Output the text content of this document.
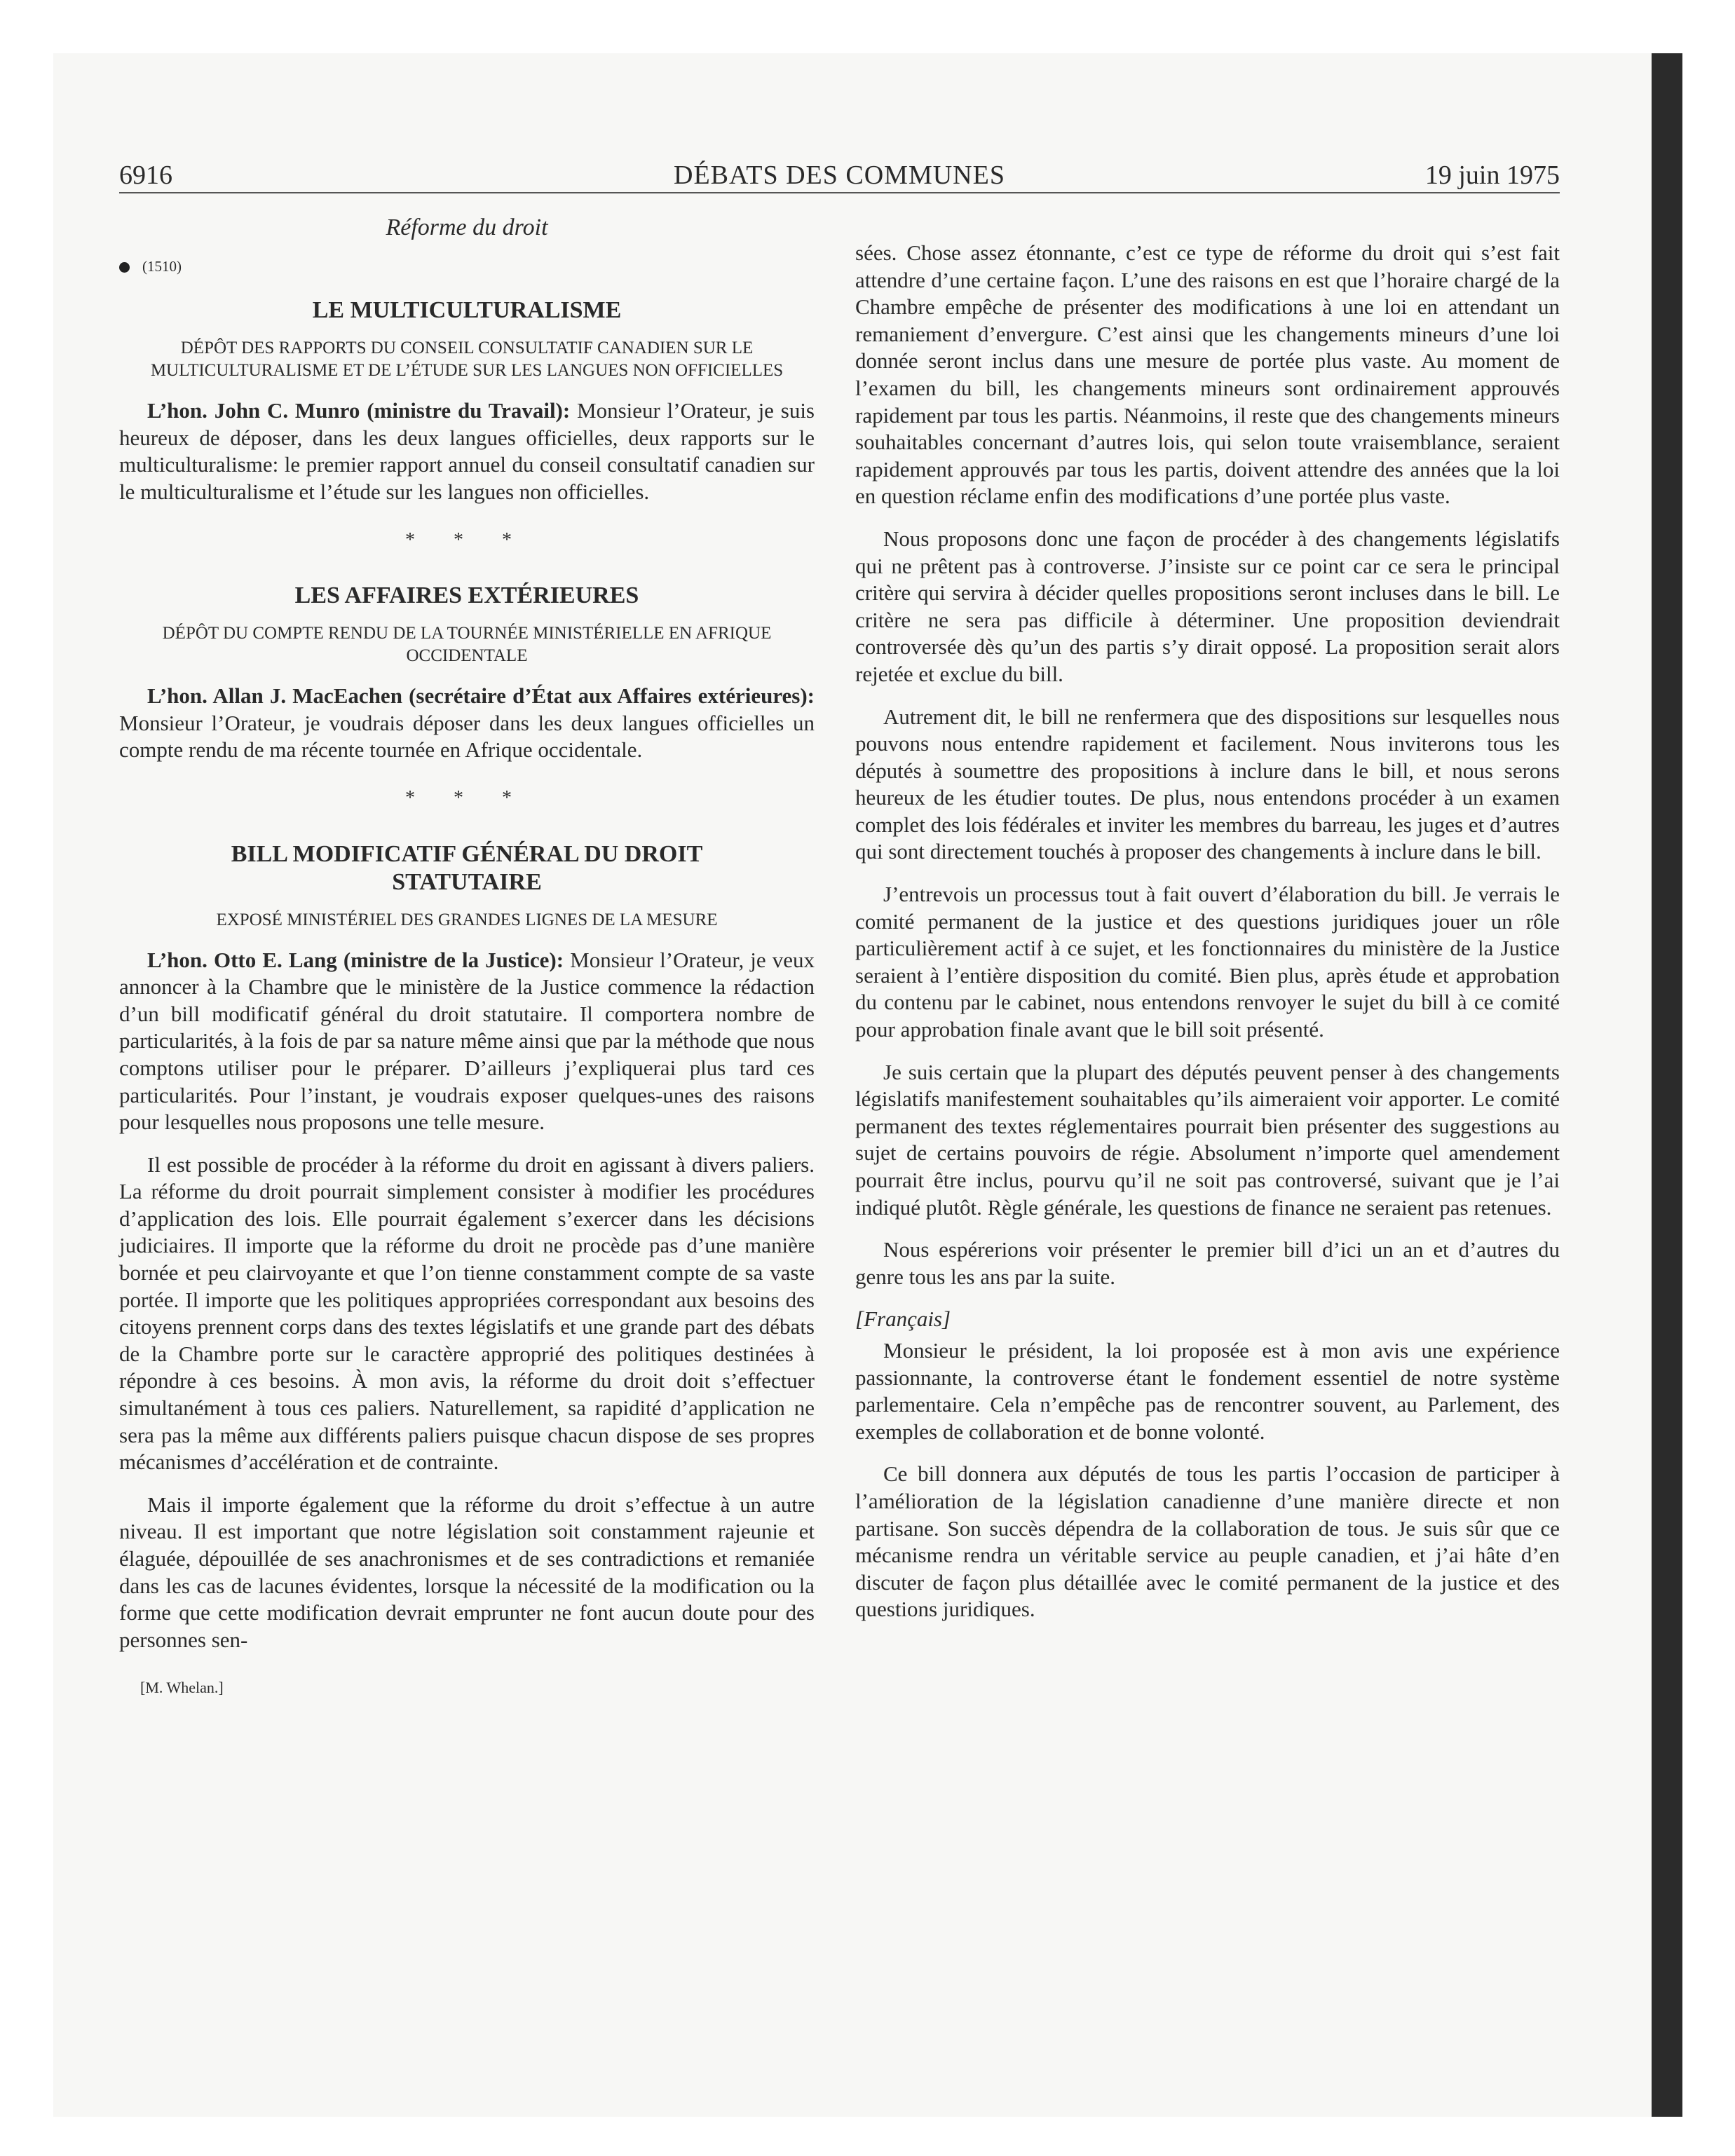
6916	DÉBATS DES COMMUNES	19 juin 1975
Réforme du droit
(1510)
LE MULTICULTURALISME
DÉPÔT DES RAPPORTS DU CONSEIL CONSULTATIF CANADIEN SUR LE MULTICULTURALISME ET DE L’ÉTUDE SUR LES LANGUES NON OFFICIELLES

L’hon. John C. Munro (ministre du Travail): Monsieur l’Orateur, je suis heureux de déposer, dans les deux langues officielles, deux rapports sur le multiculturalisme: le premier rapport annuel du conseil consultatif canadien sur le multiculturalisme et l’étude sur les langues non officielles.

* * *
LES AFFAIRES EXTÉRIEURES
DÉPÔT DU COMPTE RENDU DE LA TOURNÉE MINISTÉRIELLE EN AFRIQUE OCCIDENTALE

L’hon. Allan J. MacEachen (secrétaire d’État aux Affaires extérieures): Monsieur l’Orateur, je voudrais déposer dans les deux langues officielles un compte rendu de ma récente tournée en Afrique occidentale.

* * *
BILL MODIFICATIF GÉNÉRAL DU DROIT STATUTAIRE
EXPOSÉ MINISTÉRIEL DES GRANDES LIGNES DE LA MESURE

L’hon. Otto E. Lang (ministre de la Justice): Monsieur l’Orateur, je veux annoncer à la Chambre que le ministère de la Justice commence la rédaction d’un bill modificatif général du droit statutaire. Il comportera nombre de particularités, à la fois de par sa nature même ainsi que par la méthode que nous comptons utiliser pour le préparer. D’ailleurs j’expliquerai plus tard ces particularités. Pour l’instant, je voudrais exposer quelques-unes des raisons pour lesquelles nous proposons une telle mesure.

Il est possible de procéder à la réforme du droit en agissant à divers paliers. La réforme du droit pourrait simplement consister à modifier les procédures d’application des lois. Elle pourrait également s’exercer dans les décisions judiciaires. Il importe que la réforme du droit ne procède pas d’une manière bornée et peu clairvoyante et que l’on tienne constamment compte de sa vaste portée. Il importe que les politiques appropriées correspondant aux besoins des citoyens prennent corps dans des textes législatifs et une grande part des débats de la Chambre porte sur le caractère approprié des politiques destinées à répondre à ces besoins. À mon avis, la réforme du droit doit s’effectuer simultanément à tous ces paliers. Naturellement, sa rapidité d’application ne sera pas la même aux différents paliers puisque chacun dispose de ses propres mécanismes d’accélération et de contrainte.

Mais il importe également que la réforme du droit s’effectue à un autre niveau. Il est important que notre législation soit constamment rajeunie et élaguée, dépouillée de ses anachronismes et de ses contradictions et remaniée dans les cas de lacunes évidentes, lorsque la nécessité de la modification ou la forme que cette modification devrait emprunter ne font aucun doute pour des personnes sen-

[M. Whelan.]

sées. Chose assez étonnante, c’est ce type de réforme du droit qui s’est fait attendre d’une certaine façon. L’une des raisons en est que l’horaire chargé de la Chambre empêche de présenter des modifications à une loi en attendant un remaniement d’envergure. C’est ainsi que les changements mineurs d’une loi donnée seront inclus dans une mesure de portée plus vaste. Au moment de l’examen du bill, les changements mineurs sont ordinairement approuvés rapidement par tous les partis. Néanmoins, il reste que des changements mineurs souhaitables concernant d’autres lois, qui selon toute vraisemblance, seraient rapidement approuvés par tous les partis, doivent attendre des années que la loi en question réclame enfin des modifications d’une portée plus vaste.

Nous proposons donc une façon de procéder à des changements législatifs qui ne prêtent pas à controverse. J’insiste sur ce point car ce sera le principal critère qui servira à décider quelles propositions seront incluses dans le bill. Le critère ne sera pas difficile à déterminer. Une proposition deviendrait controversée dès qu’un des partis s’y dirait opposé. La proposition serait alors rejetée et exclue du bill.

Autrement dit, le bill ne renfermera que des dispositions sur lesquelles nous pouvons nous entendre rapidement et facilement. Nous inviterons tous les députés à soumettre des propositions à inclure dans le bill, et nous serons heureux de les étudier toutes. De plus, nous entendons procéder à un examen complet des lois fédérales et inviter les membres du barreau, les juges et d’autres qui sont directement touchés à proposer des changements à inclure dans le bill.

J’entrevois un processus tout à fait ouvert d’élaboration du bill. Je verrais le comité permanent de la justice et des questions juridiques jouer un rôle particulièrement actif à ce sujet, et les fonctionnaires du ministère de la Justice seraient à l’entière disposition du comité. Bien plus, après étude et approbation du contenu par le cabinet, nous entendons renvoyer le sujet du bill à ce comité pour approbation finale avant que le bill soit présenté.

Je suis certain que la plupart des députés peuvent penser à des changements législatifs manifestement souhaitables qu’ils aimeraient voir apporter. Le comité permanent des textes réglementaires pourrait bien présenter des suggestions au sujet de certains pouvoirs de régie. Absolument n’importe quel amendement pourrait être inclus, pourvu qu’il ne soit pas controversé, suivant que je l’ai indiqué plutôt. Règle générale, les questions de finance ne seraient pas retenues.

Nous espérerions voir présenter le premier bill d’ici un an et d’autres du genre tous les ans par la suite.

[Français]

Monsieur le président, la loi proposée est à mon avis une expérience passionnante, la controverse étant le fondement essentiel de notre système parlementaire. Cela n’empêche pas de rencontrer souvent, au Parlement, des exemples de collaboration et de bonne volonté.

Ce bill donnera aux députés de tous les partis l’occasion de participer à l’amélioration de la législation canadienne d’une manière directe et non partisane. Son succès dépendra de la collaboration de tous. Je suis sûr que ce mécanisme rendra un véritable service au peuple canadien, et j’ai hâte d’en discuter de façon plus détaillée avec le comité permanent de la justice et des questions juridiques.
